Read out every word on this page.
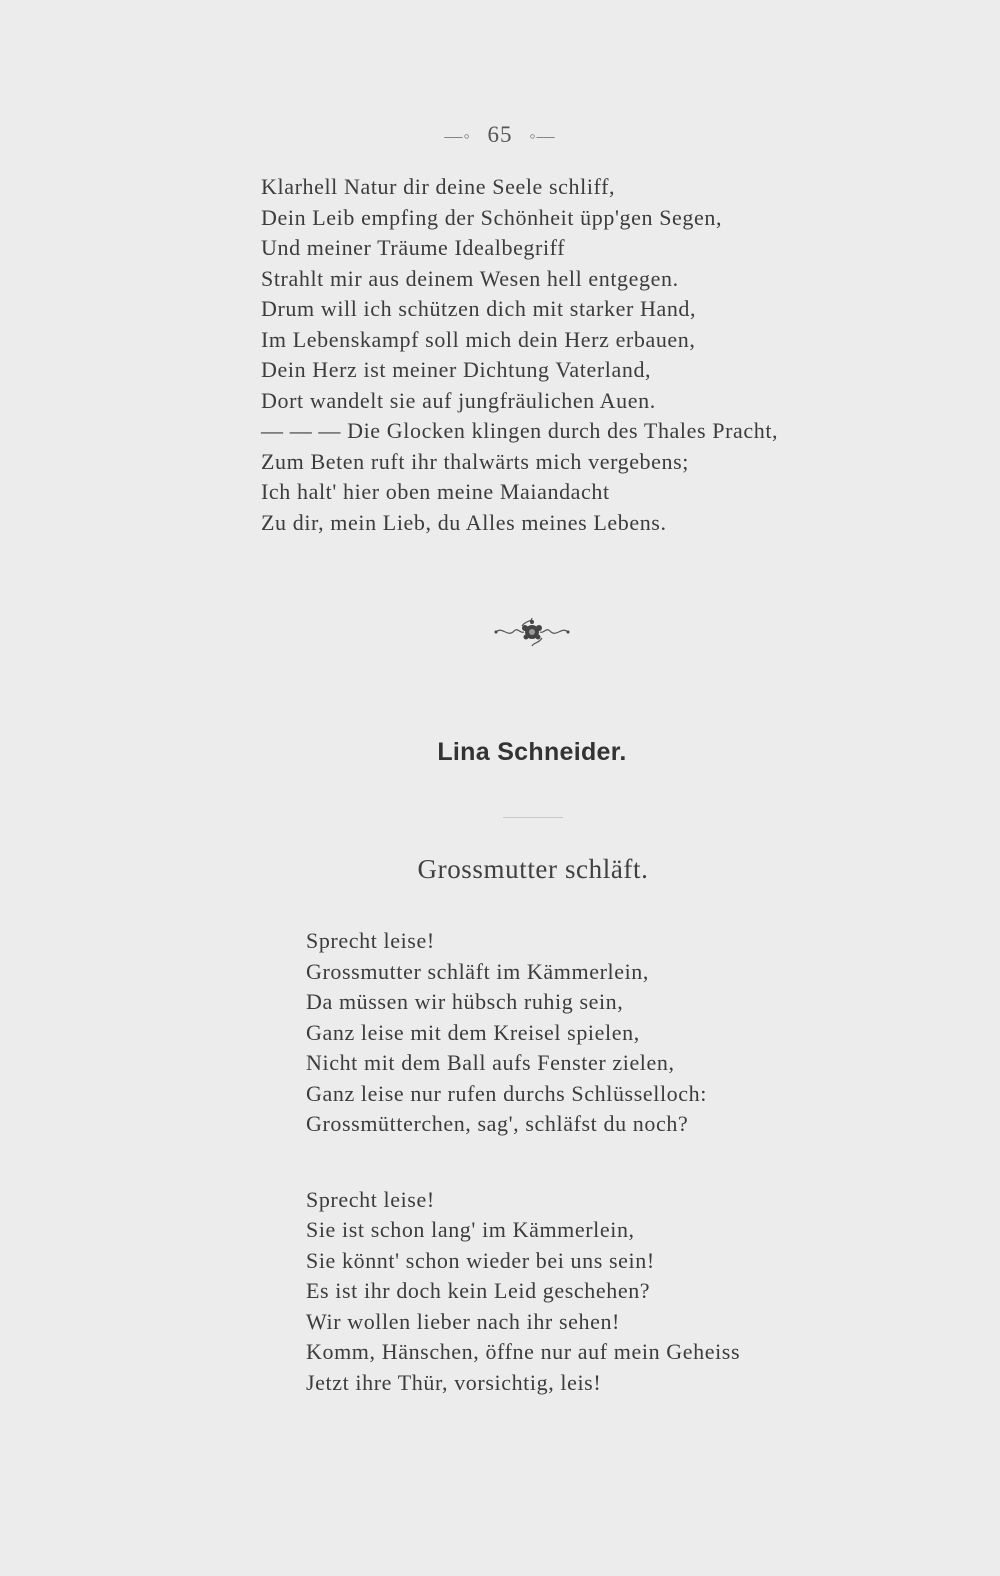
—◦ 65 ◦—
Klarhell Natur dir deine Seele schliff,
Dein Leib empfing der Schönheit üpp'gen Segen,
Und meiner Träume Idealbegriff
Strahlt mir aus deinem Wesen hell entgegen.
Drum will ich schützen dich mit starker Hand,
Im Lebenskampf soll mich dein Herz erbauen,
Dein Herz ist meiner Dichtung Vaterland,
Dort wandelt sie auf jungfräulichen Auen.
— — — Die Glocken klingen durch des Thales Pracht,
Zum Beten ruft ihr thalwärts mich vergebens;
Ich halt' hier oben meine Maiandacht
Zu dir, mein Lieb, du Alles meines Lebens.
Lina Schneider.
Grossmutter schläft.
Sprecht leise!
Grossmutter schläft im Kämmerlein,
Da müssen wir hübsch ruhig sein,
Ganz leise mit dem Kreisel spielen,
Nicht mit dem Ball aufs Fenster zielen,
Ganz leise nur rufen durchs Schlüsselloch:
Grossmütterchen, sag', schläfst du noch?
Sprecht leise!
Sie ist schon lang' im Kämmerlein,
Sie könnt' schon wieder bei uns sein!
Es ist ihr doch kein Leid geschehen?
Wir wollen lieber nach ihr sehen!
Komm, Hänschen, öffne nur auf mein Geheiss
Jetzt ihre Thür, vorsichtig, leis!
